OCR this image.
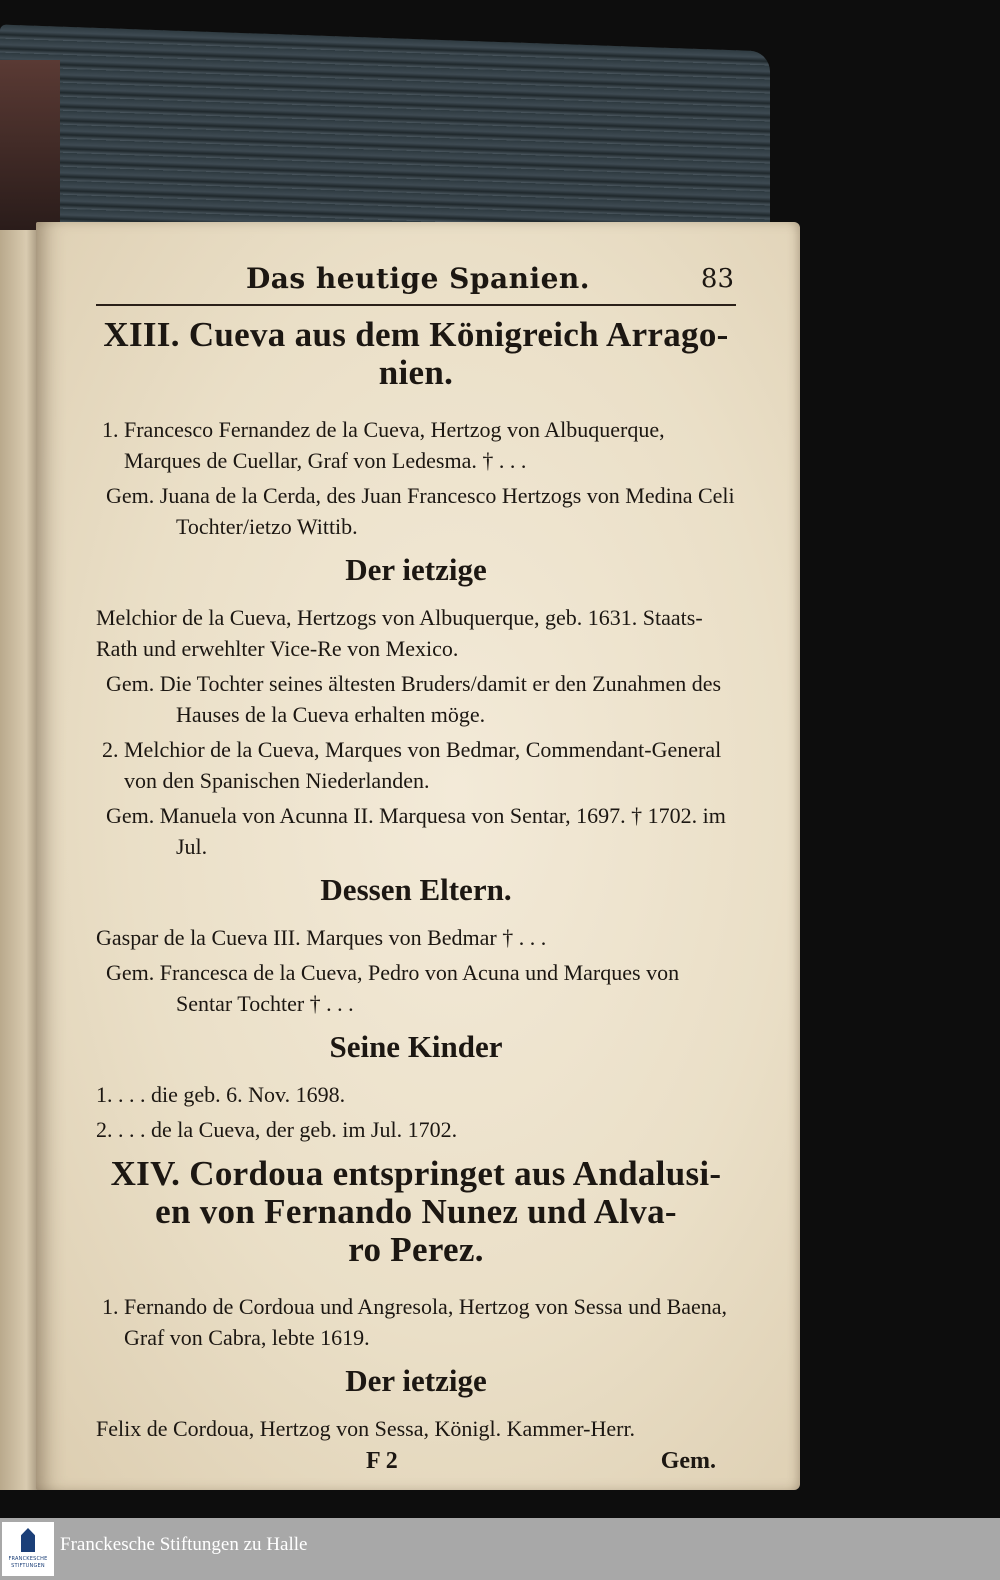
Das heutige Spanien.	83
XIII. Cueva aus dem Königreich Arrago-
nien.

1. Francesco Fernandez de la Cueva, Hertzog von Albuquerque, Marques de Cuellar, Graf von Ledesma. † . . .

Gem. Juana de la Cerda, des Juan Francesco Hertzogs von Medina Celi Tochter/ietzo Wittib.

Der ietzige

Melchior de la Cueva, Hertzogs von Albuquerque, geb. 1631. Staats-Rath und erwehlter Vice-Re von Mexico.

Gem. Die Tochter seines ältesten Bruders/damit er den Zunahmen des Hauses de la Cueva erhalten möge.

2. Melchior de la Cueva, Marques von Bedmar, Commendant-General von den Spanischen Niederlanden.

Gem. Manuela von Acunna II. Marquesa von Sentar, 1697. † 1702. im Jul.

Dessen Eltern.

Gaspar de la Cueva III. Marques von Bedmar † . . .

Gem. Francesca de la Cueva, Pedro von Acuna und Marques von Sentar Tochter † . . .

Seine Kinder

1. . . . die geb. 6. Nov. 1698.

2. . . . de la Cueva, der geb. im Jul. 1702.

XIV. Cordoua entspringet aus Andalusi-
en von Fernando Nunez und Alva-
ro Perez.

1. Fernando de Cordoua und Angresola, Hertzog von Sessa und Baena, Graf von Cabra, lebte 1619.

Der ietzige

Felix de Cordoua, Hertzog von Sessa, Königl. Kammer-Herr.

F 2	Gem.
FRANCKESCHE STIFTUNGEN
Franckesche Stiftungen zu Halle
